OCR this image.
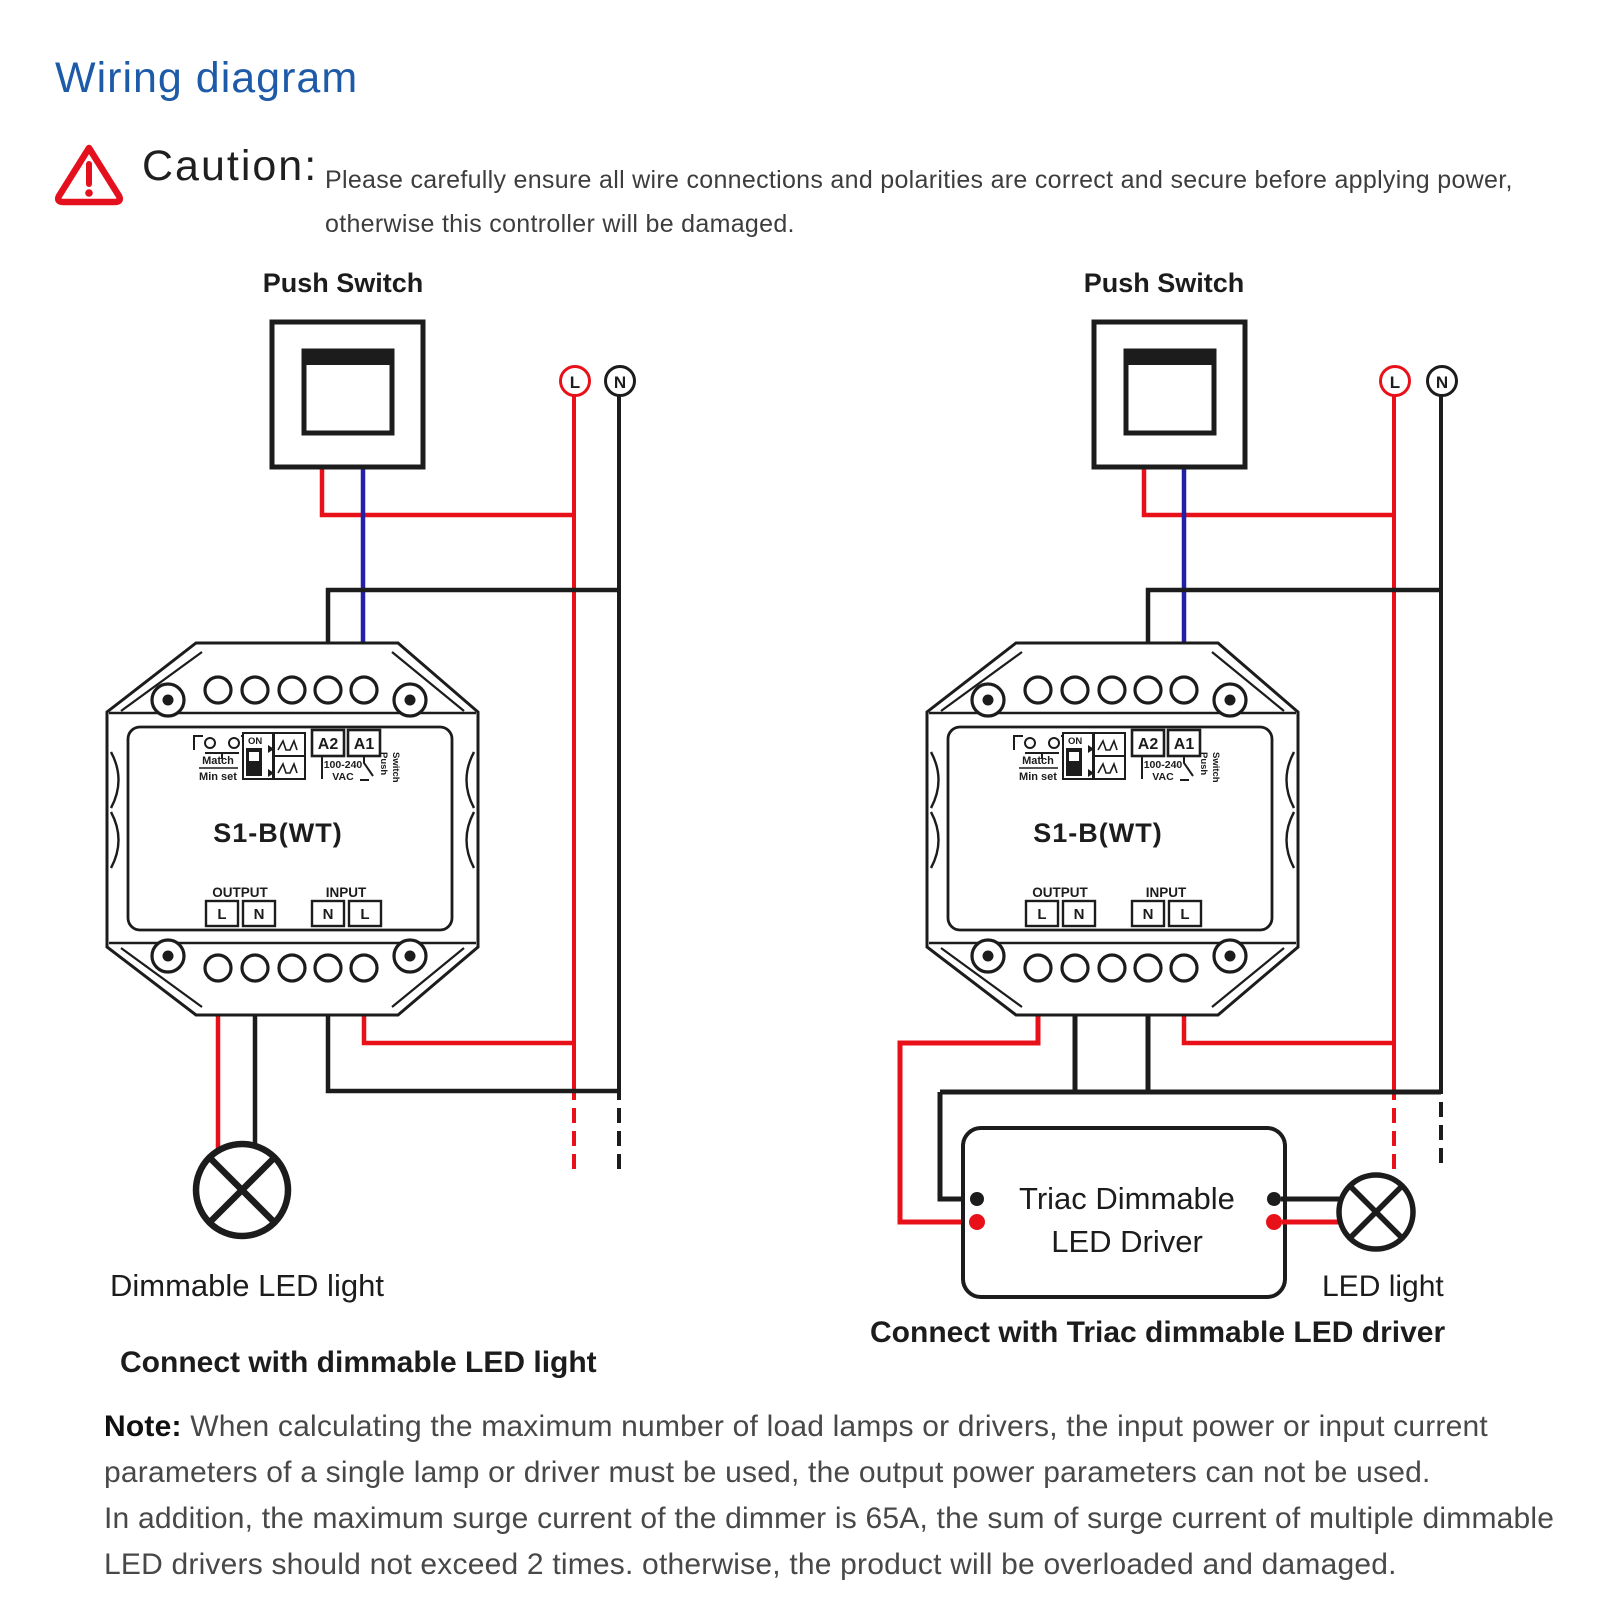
Push Switch
L N
Dimmable LED light
Connect with dimmable LED light
Push Switch
L N
Triac Dimmable
LED Driver
LED light
Connect with Triac dimmable LED driver
Wiring diagram
Caution: Please carefully ensure all wire connections and polarities are correct and secure before applying power,
otherwise this controller will be damaged.
Note: When calculating the maximum number of load lamps or drivers, the input power or input current
parameters of a single lamp or driver must be used, the output power parameters can not be used.
In addition, the maximum surge current of the dimmer is 65A, the sum of surge current of multiple dimmable
LED drivers should not exceed 2 times. otherwise, the product will be overloaded and damaged.
